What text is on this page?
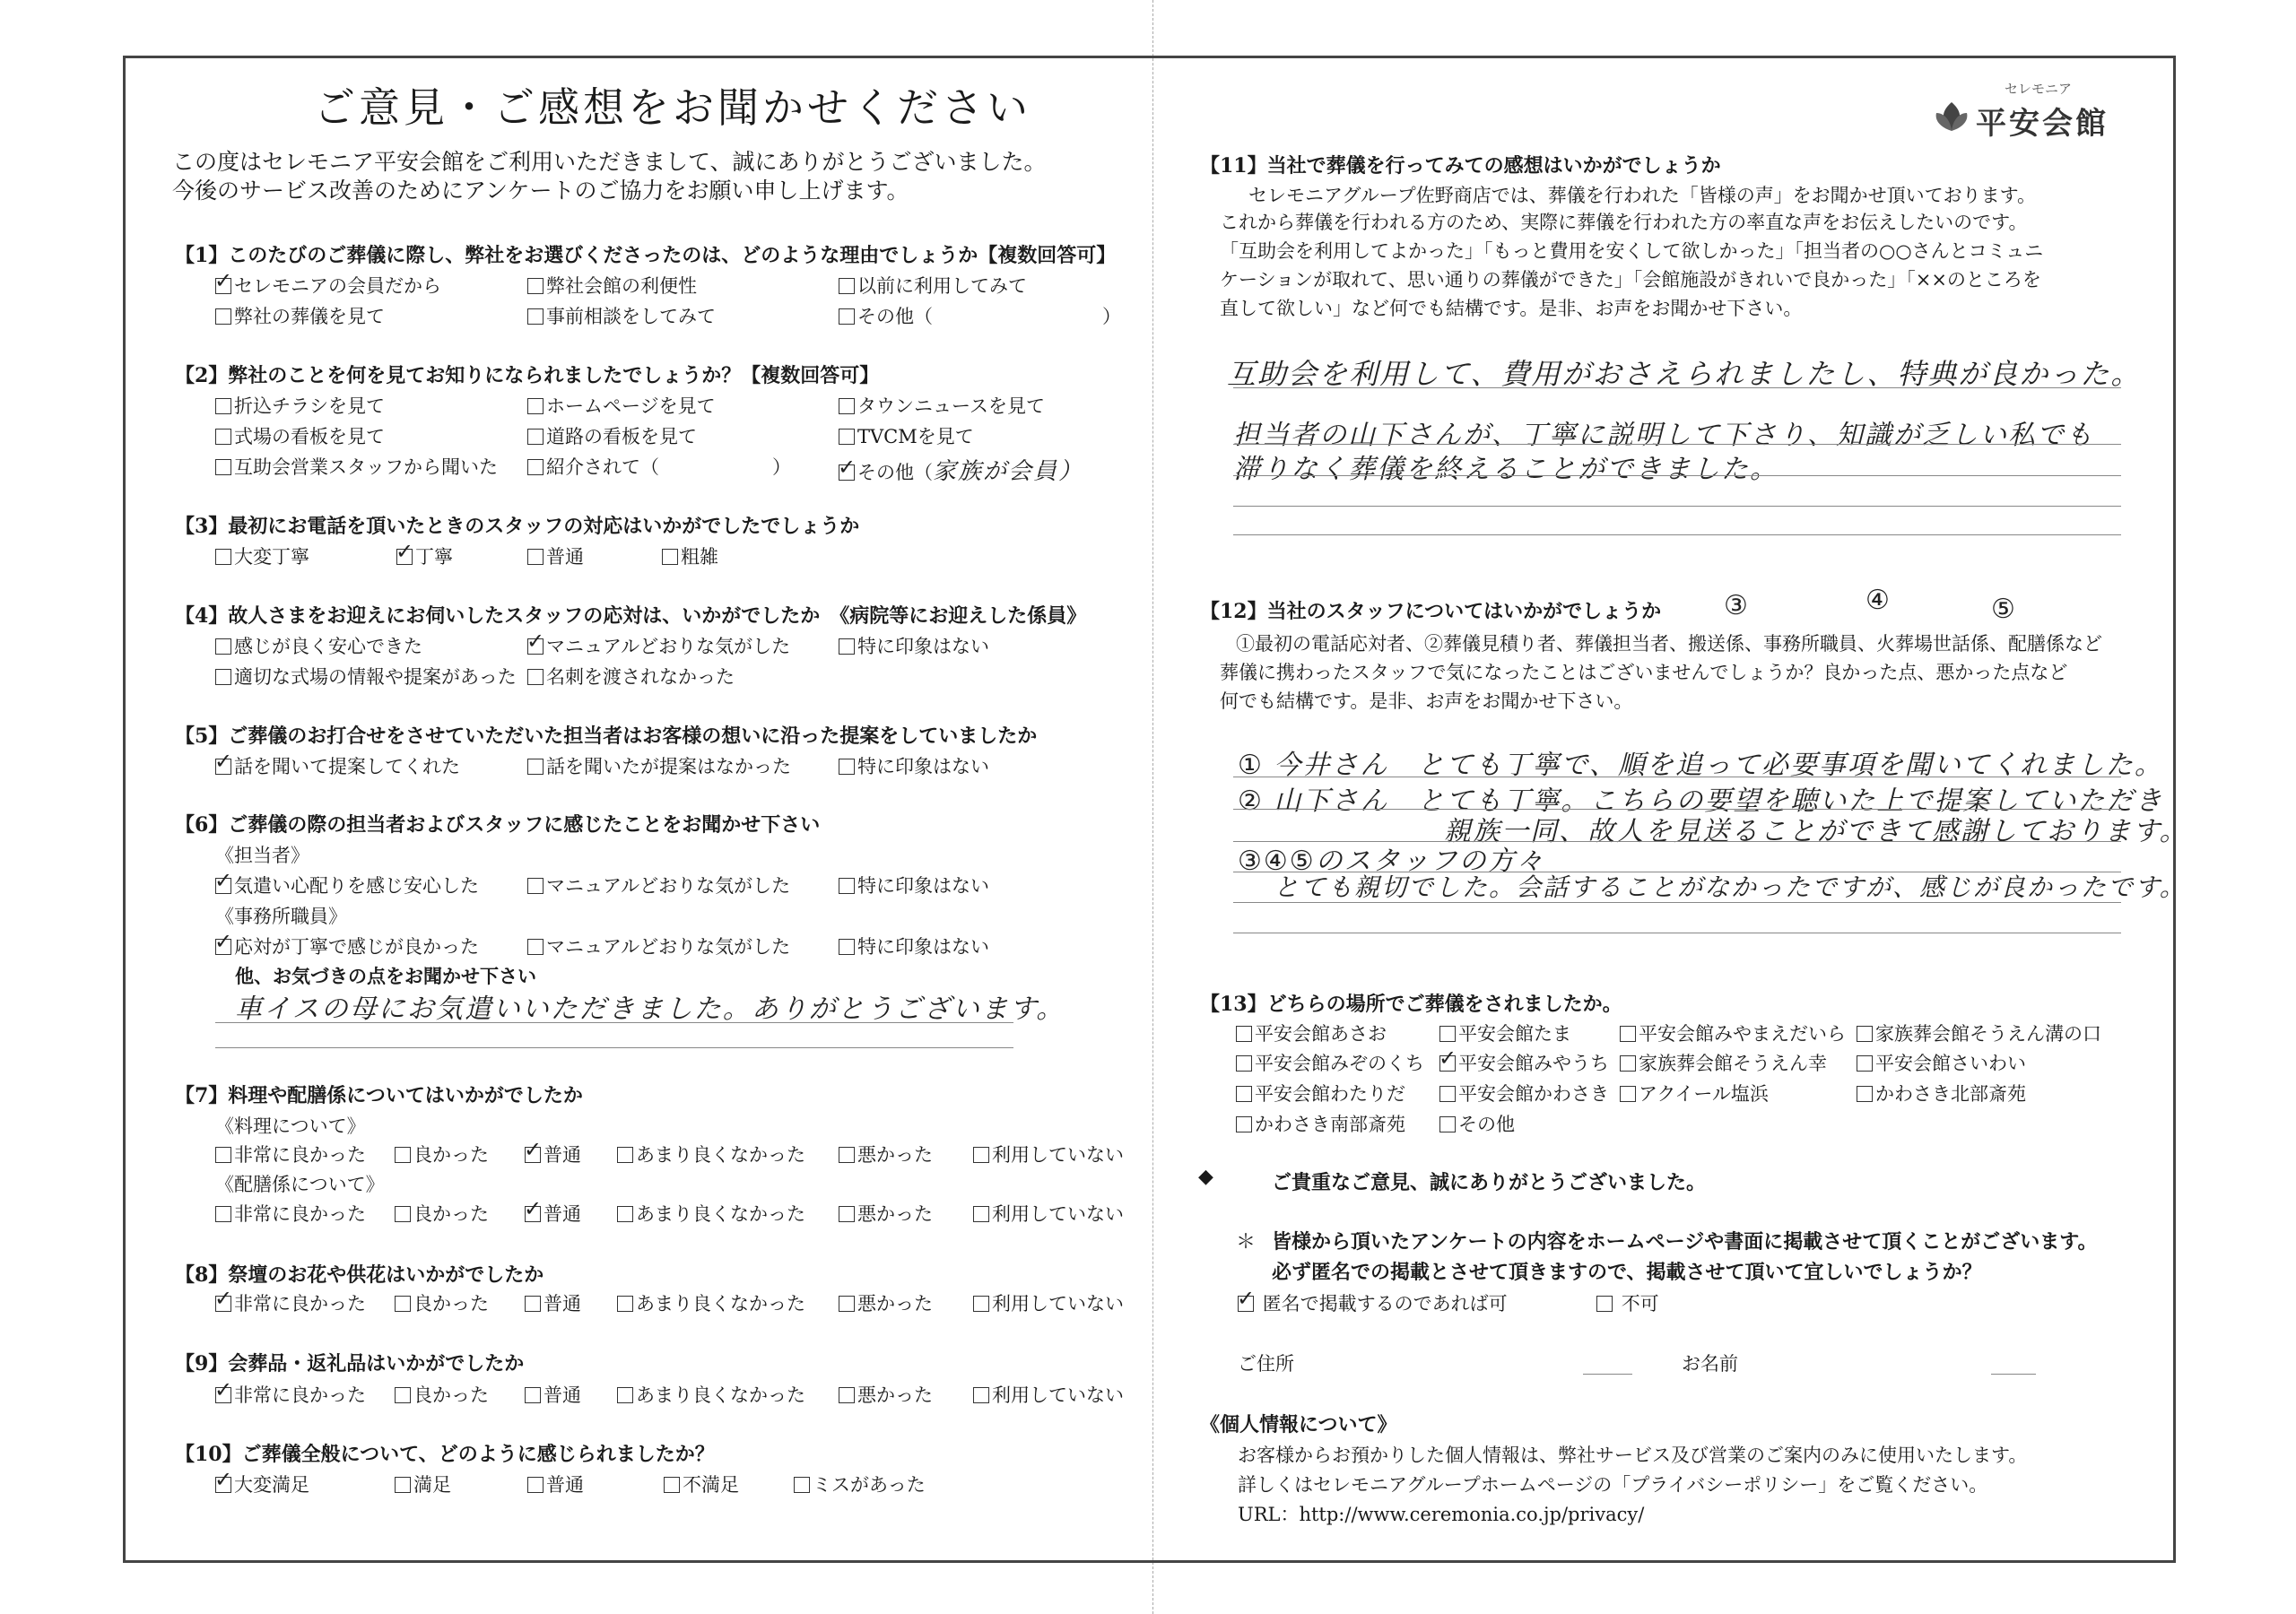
ご意見・ご感想をお聞かせください
この度はセレモニア平安会館をご利用いただきまして、誠にありがとうございました。
今後のサービス改善のためにアンケートのご協力をお願い申し上げます。
セレモニア
平安会館
【1】このたびのご葬儀に際し、弊社をお選びくださったのは、どのような理由でしょうか【複数回答可】
✓セレモニアの会員だから	弊社会館の利便性	以前に利用してみて
弊社の葬儀を見て	事前相談をしてみて	その他（　　　　　　　　　）
【2】弊社のことを何を見てお知りになられましたでしょうか？【複数回答可】
折込チラシを見て	ホームページを見て	タウンニュースを見て
式場の看板を見て	道路の看板を見て	TVCMを見て
互助会営業スタッフから聞いた	紹介されて（　　　　　　） ✓	その他（家族が会員）
【3】最初にお電話を頂いたときのスタッフの対応はいかがでしたでしょうか
大変丁寧 ✓	丁寧	普通	粗雑
【4】故人さまをお迎えにお伺いしたスタッフの応対は、いかがでしたか　《病院等にお迎えした係員》
感じが良く安心できた ✓	マニュアルどおりな気がした	特に印象はない
適切な式場の情報や提案があった	名刺を渡されなかった
【5】ご葬儀のお打合せをさせていただいた担当者はお客様の想いに沿った提案をしていましたか
✓話を聞いて提案してくれた	話を聞いたが提案はなかった	特に印象はない
【6】ご葬儀の際の担当者およびスタッフに感じたことをお聞かせ下さい
《担当者》
✓気遣い心配りを感じ安心した	マニュアルどおりな気がした	特に印象はない
《事務所職員》
✓応対が丁寧で感じが良かった	マニュアルどおりな気がした	特に印象はない
他、お気づきの点をお聞かせ下さい
車イスの母にお気遣いいただきました。ありがとうございます。
【7】料理や配膳係についてはいかがでしたか
《料理について》
非常に良かった	良かった ✓	普通	あまり良くなかった	悪かった	利用していない
《配膳係について》
非常に良かった	良かった ✓	普通	あまり良くなかった	悪かった	利用していない
【8】祭壇のお花や供花はいかがでしたか
✓非常に良かった	良かった	普通	あまり良くなかった	悪かった	利用していない
【9】会葬品・返礼品はいかがでしたか
✓非常に良かった	良かった	普通	あまり良くなかった	悪かった	利用していない
【10】ご葬儀全般について、どのように感じられましたか？
✓大変満足	満足	普通	不満足	ミスがあった
【11】当社で葬儀を行ってみての感想はいかがでしょうか
セレモニアグループ佐野商店では、葬儀を行われた「皆様の声」をお聞かせ頂いております。
これから葬儀を行われる方のため、実際に葬儀を行われた方の率直な声をお伝えしたいのです。
「互助会を利用してよかった」「もっと費用を安くして欲しかった」「担当者の○○さんとコミュニ
ケーションが取れて、思い通りの葬儀ができた」「会館施設がきれいで良かった」「××のところを
直して欲しい」など何でも結構です。是非、お声をお聞かせ下さい。
互助会を利用して、費用がおさえられましたし、特典が良かった。
担当者の山下さんが、丁寧に説明して下さり、知識が乏しい私でも
滞りなく葬儀を終えることができました。
【12】当社のスタッフについてはいかがでしょうか ③	④	⑤
①最初の電話応対者、②葬儀見積り者、葬儀担当者、搬送係、事務所職員、火葬場世話係、配膳係など
葬儀に携わったスタッフで気になったことはございませんでしょうか？良かった点、悪かった点など
何でも結構です。是非、お声をお聞かせ下さい。
① 今井さん　とても丁寧で、順を追って必要事項を聞いてくれました。
② 山下さん　とても丁寧。こちらの要望を聴いた上で提案していただき
親族一同、故人を見送ることができて感謝しております。
③④⑤のスタッフの方々
とても親切でした。会話することがなかったですが、感じが良かったです。
【13】どちらの場所でご葬儀をされましたか。
平安会館あさお	平安会館たま	平安会館みやまえだいら	家族葬会館そうえん溝の口
平安会館みぞのくち ✓	平安会館みやうち	家族葬会館そうえん幸	平安会館さいわい
平安会館わたりだ	平安会館かわさき	アクイール塩浜	かわさき北部斎苑
かわさき南部斎苑	その他
◆	ご貴重なご意見、誠にありがとうございました。
＊ 皆様から頂いたアンケートの内容をホームページや書面に掲載させて頂くことがございます。
必ず匿名での掲載とさせて頂きますので、掲載させて頂いて宜しいでしょうか？
✓ 匿名で掲載するのであれば可	不可
ご住所	お名前
《個人情報について》
お客様からお預かりした個人情報は、弊社サービス及び営業のご案内のみに使用いたします。
詳しくはセレモニアグループホームページの「プライバシーポリシー」をご覧ください。
URL：http://www.ceremonia.co.jp/privacy/
